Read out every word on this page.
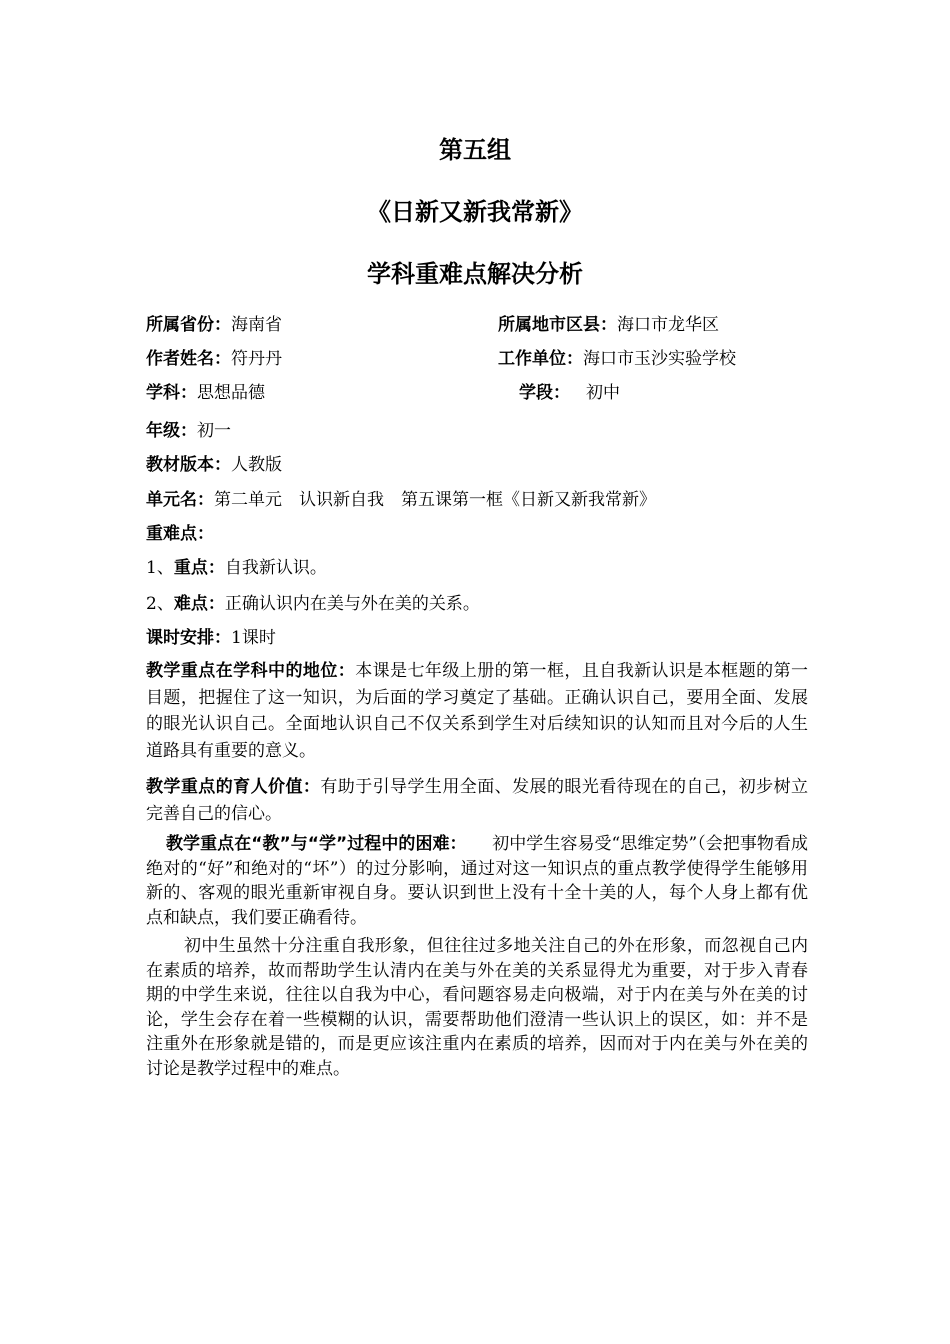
第五组
《日新又新我常新》
学科重难点解决分析
所属省份：海南省	所属地市区县：海口市龙华区
作者姓名：符丹丹	工作单位：海口市玉沙实验学校
学科：思想品德	学段： 初中
年级：初一
教材版本：人教版
单元名：第二单元　认识新自我　第五课第一框《日新又新我常新》
重难点：
1、重点：自我新认识。
2、难点：正确认识内在美与外在美的关系。
课时安排：1课时
教学重点在学科中的地位：本课是七年级上册的第一框，且自我新认识是本框题的第一目题，把握住了这一知识，为后面的学习奠定了基础。正确认识自己，要用全面、发展的眼光认识自己。全面地认识自己不仅关系到学生对后续知识的认知而且对今后的人生道路具有重要的意义。
教学重点的育人价值：有助于引导学生用全面、发展的眼光看待现在的自己，初步树立完善自己的信心。
教学重点在“教”与“学”过程中的困难：　　初中学生容易受“思维定势”（会把事物看成绝对的“好”和绝对的“坏”）的过分影响，通过对这一知识点的重点教学使得学生能够用新的、客观的眼光重新审视自身。要认识到世上没有十全十美的人，每个人身上都有优点和缺点，我们要正确看待。
初中生虽然十分注重自我形象，但往往过多地关注自己的外在形象，而忽视自己内在素质的培养，故而帮助学生认清内在美与外在美的关系显得尤为重要，对于步入青春期的中学生来说，往往以自我为中心，看问题容易走向极端，对于内在美与外在美的讨论，学生会存在着一些模糊的认识，需要帮助他们澄清一些认识上的误区，如：并不是注重外在形象就是错的，而是更应该注重内在素质的培养，因而对于内在美与外在美的讨论是教学过程中的难点。
